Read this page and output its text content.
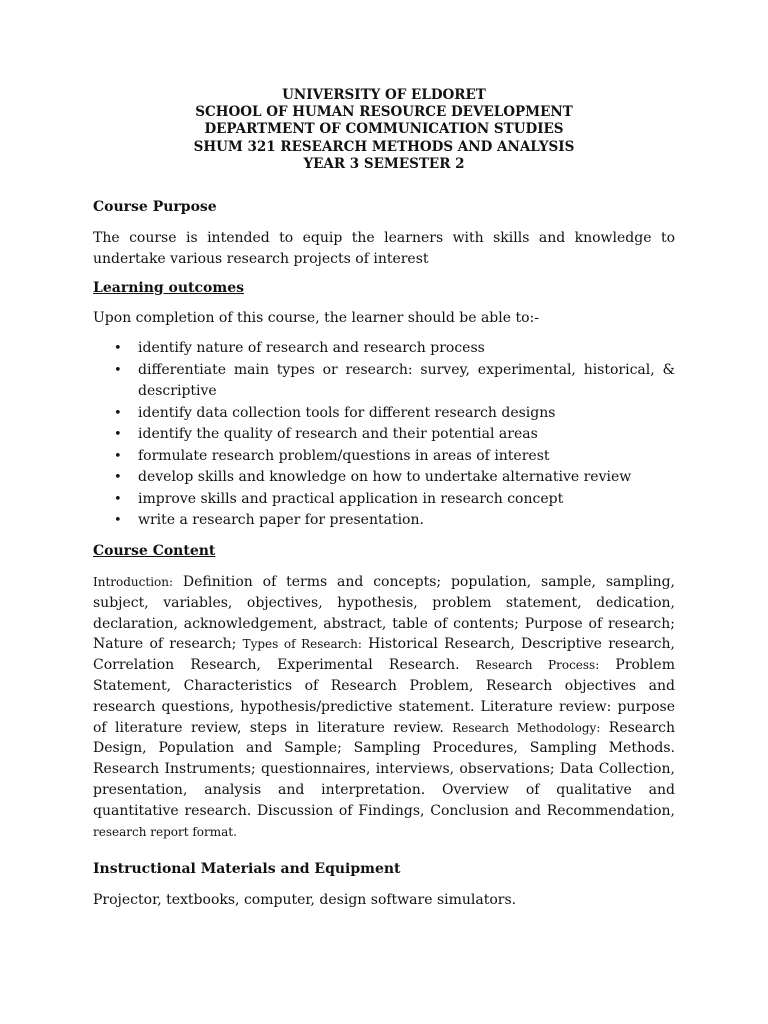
UNIVERSITY OF ELDORET
SCHOOL OF HUMAN RESOURCE DEVELOPMENT
DEPARTMENT OF COMMUNICATION STUDIES
SHUM 321 RESEARCH METHODS AND ANALYSIS
YEAR 3 SEMESTER 2
Course Purpose
The course is intended to equip the learners with skills and knowledge to undertake various research projects of interest
Learning outcomes
Upon completion of this course, the learner should be able to:-
• identify nature of research and research process
• differentiate main types or research: survey, experimental, historical, & descriptive
• identify data collection tools for different research designs
• identify the quality of research and their potential areas
• formulate research problem/questions in areas of interest
• develop skills and knowledge on how to undertake alternative review
• improve skills and practical application in research concept
• write a research paper for presentation.
Course Content
Introduction: Definition of terms and concepts; population, sample, sampling, subject, variables, objectives, hypothesis, problem statement, dedication, declaration, acknowledgement, abstract, table of contents; Purpose of research; Nature of research; Types of Research: Historical Research, Descriptive research, Correlation Research, Experimental Research. Research Process: Problem Statement, Characteristics of Research Problem, Research objectives and research questions, hypothesis/predictive statement. Literature review: purpose of literature review, steps in literature review. Research Methodology: Research Design, Population and Sample; Sampling Procedures, Sampling Methods. Research Instruments; questionnaires, interviews, observations; Data Collection, presentation, analysis and interpretation. Overview of qualitative and quantitative research. Discussion of Findings, Conclusion and Recommendation, research report format.
Instructional Materials and Equipment
Projector, textbooks, computer, design software simulators.
